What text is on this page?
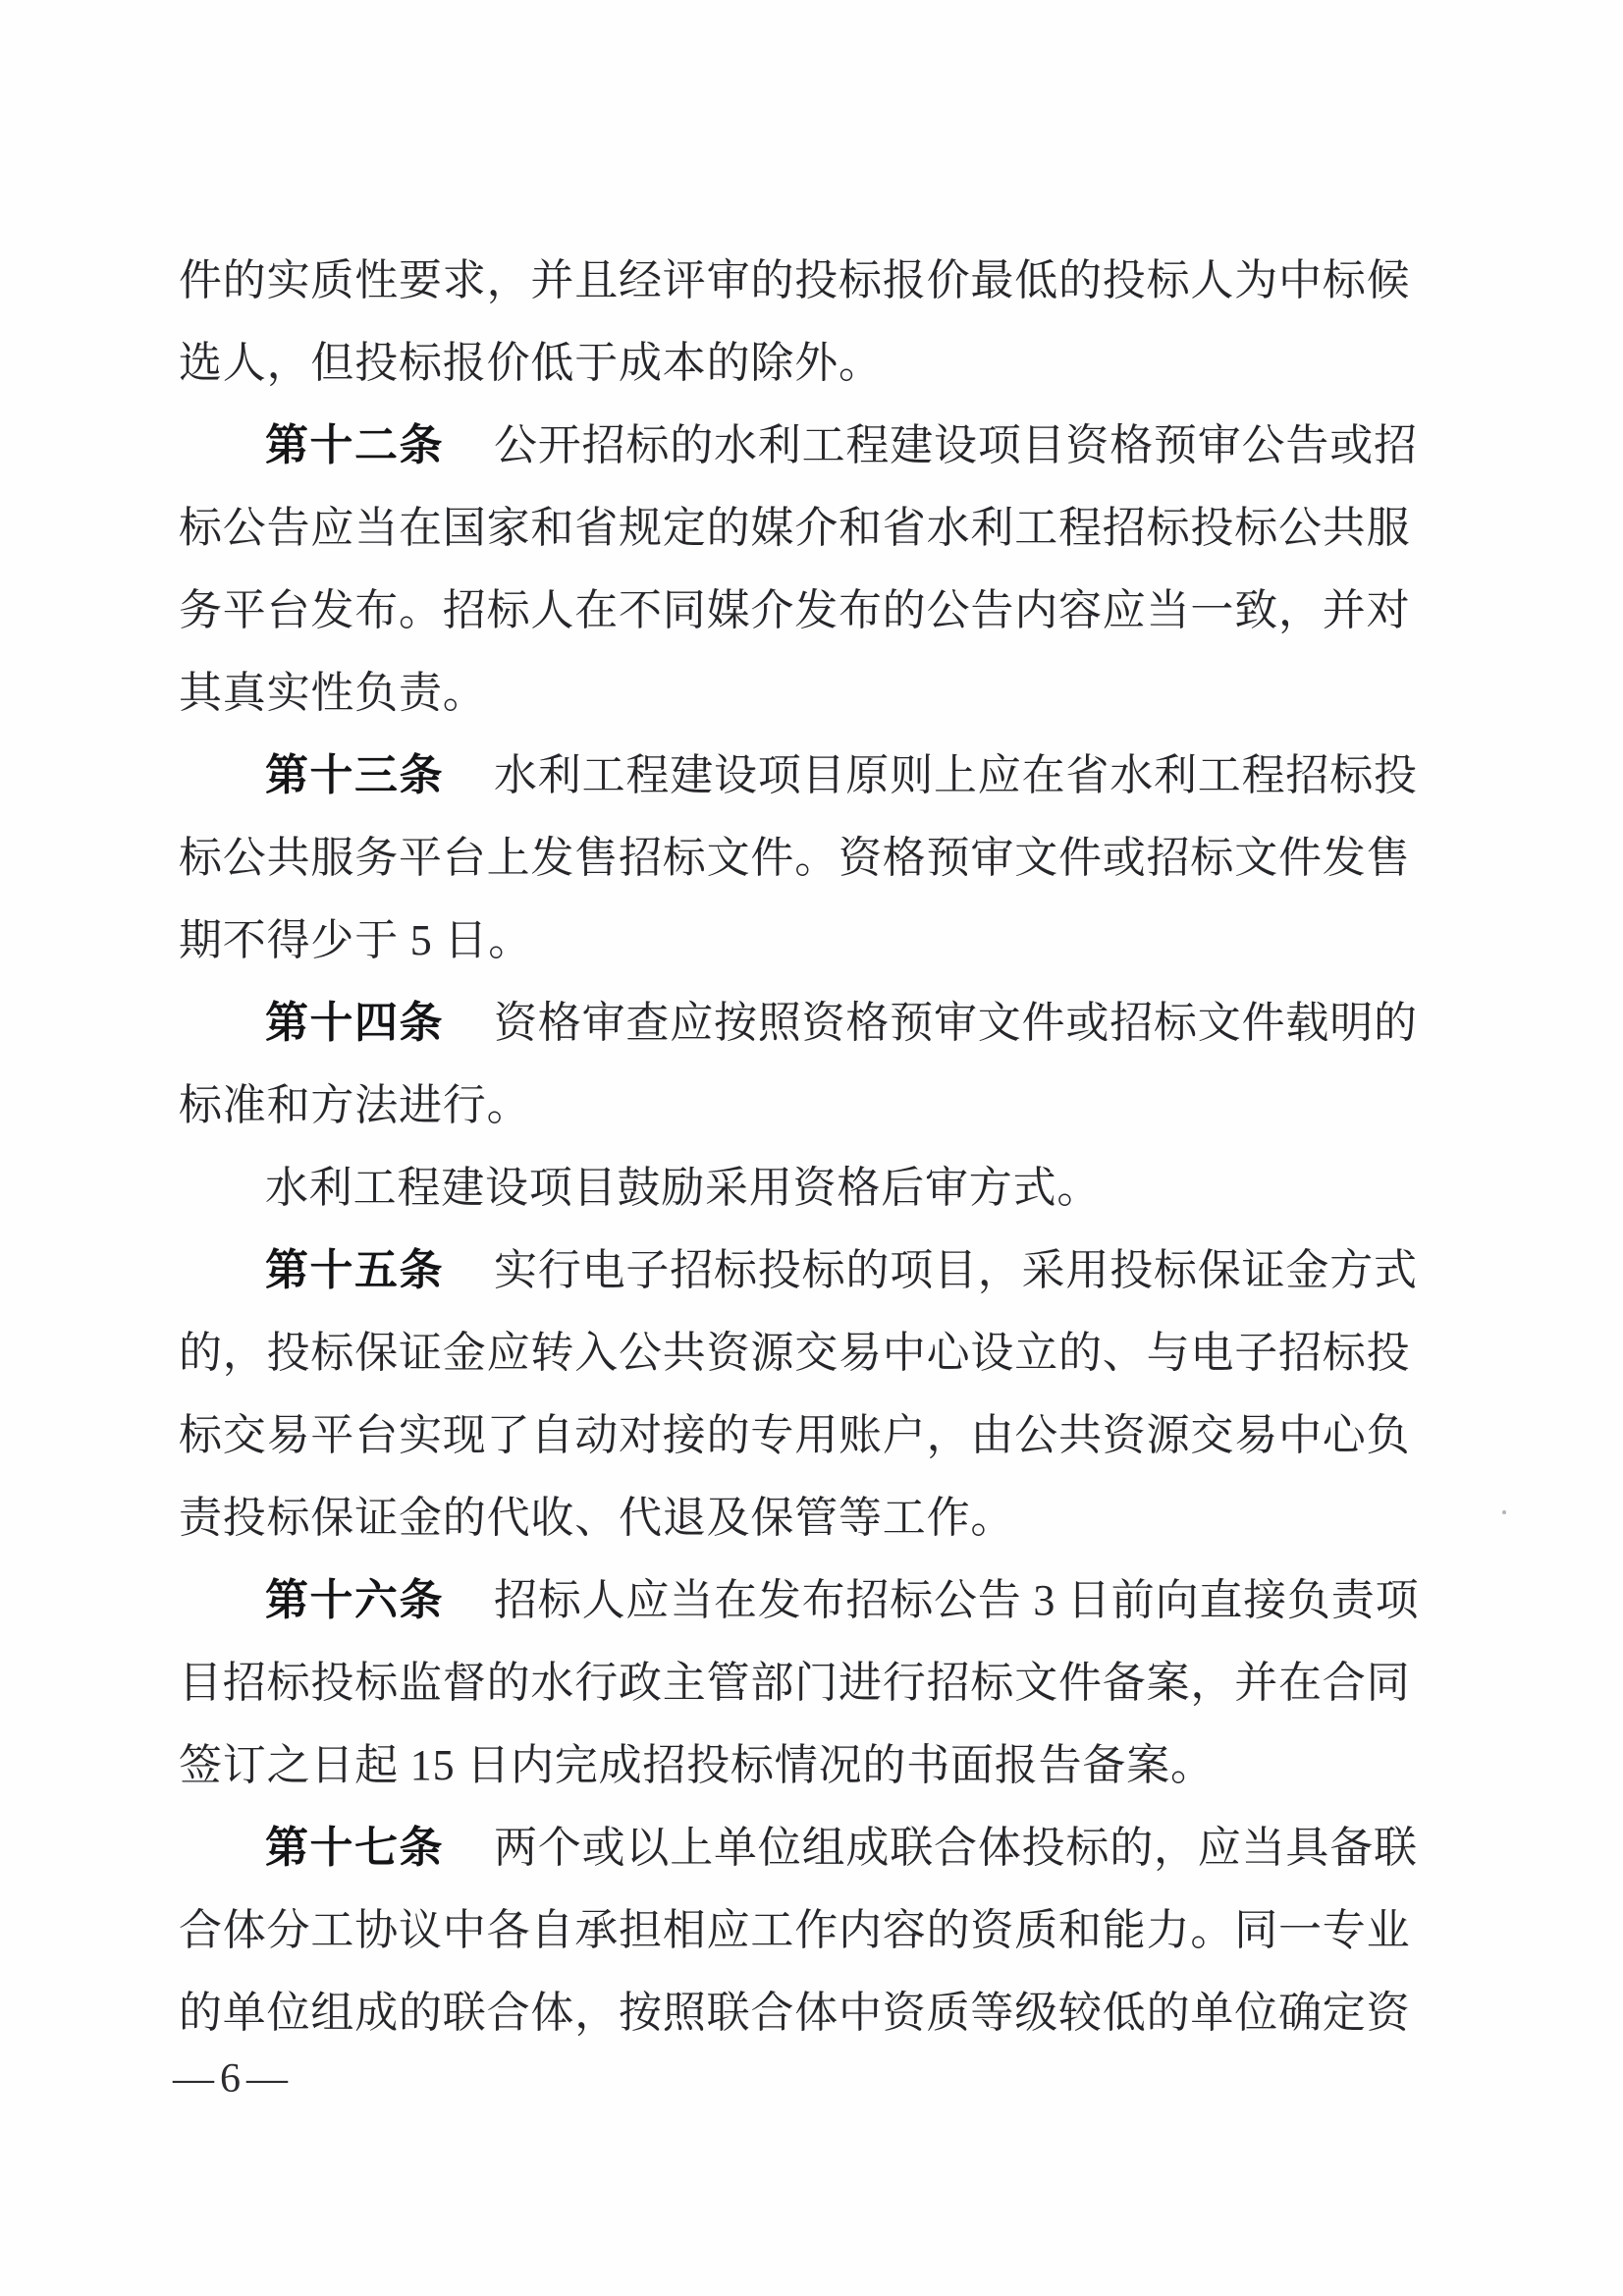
件的实质性要求，并且经评审的投标报价最低的投标人为中标候
选人，但投标报价低于成本的除外。
第十二条 公开招标的水利工程建设项目资格预审公告或招
标公告应当在国家和省规定的媒介和省水利工程招标投标公共服
务平台发布。招标人在不同媒介发布的公告内容应当一致，并对
其真实性负责。
第十三条 水利工程建设项目原则上应在省水利工程招标投
标公共服务平台上发售招标文件。资格预审文件或招标文件发售
期不得少于 5 日。
第十四条 资格审查应按照资格预审文件或招标文件载明的
标准和方法进行。
水利工程建设项目鼓励采用资格后审方式。
第十五条 实行电子招标投标的项目，采用投标保证金方式
的，投标保证金应转入公共资源交易中心设立的、与电子招标投
标交易平台实现了自动对接的专用账户，由公共资源交易中心负
责投标保证金的代收、代退及保管等工作。
第十六条 招标人应当在发布招标公告 3 日前向直接负责项
目招标投标监督的水行政主管部门进行招标文件备案，并在合同
签订之日起 15 日内完成招投标情况的书面报告备案。
第十七条 两个或以上单位组成联合体投标的，应当具备联
合体分工协议中各自承担相应工作内容的资质和能力。同一专业
的单位组成的联合体，按照联合体中资质等级较低的单位确定资
—6—
